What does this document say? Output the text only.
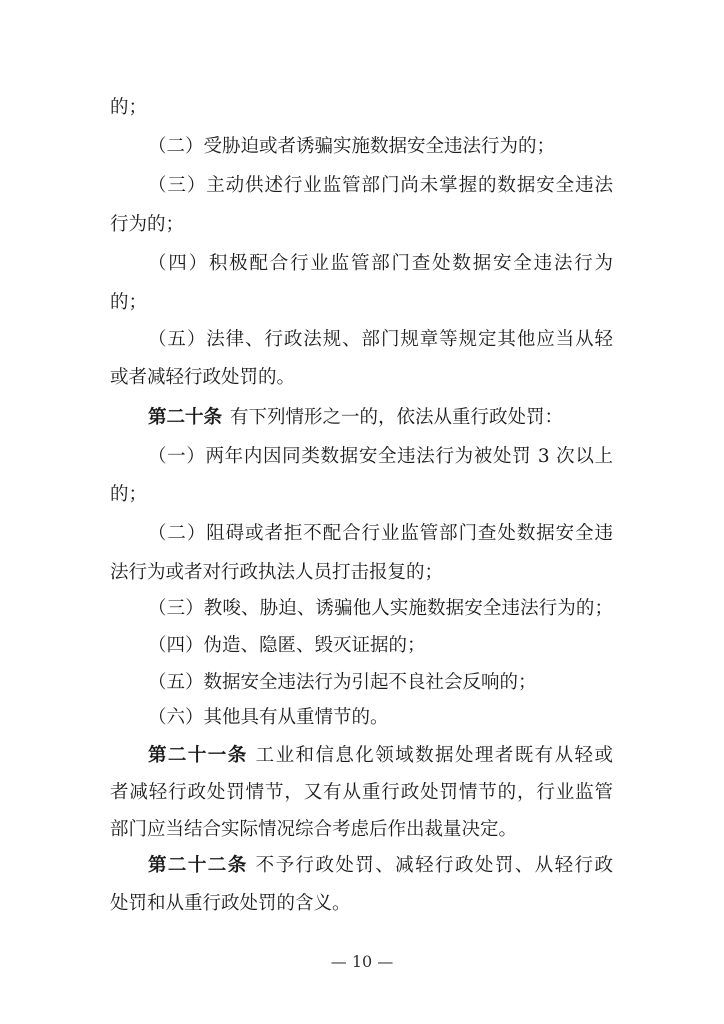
的；
（二）受胁迫或者诱骗实施数据安全违法行为的；
（三）主动供述行业监管部门尚未掌握的数据安全违法
行为的；
（四）积极配合行业监管部门查处数据安全违法行为
的；
（五）法律、行政法规、部门规章等规定其他应当从轻
或者减轻行政处罚的。
第二十条 有下列情形之一的，依法从重行政处罚：
（一）两年内因同类数据安全违法行为被处罚 3 次以上
的；
（二）阻碍或者拒不配合行业监管部门查处数据安全违
法行为或者对行政执法人员打击报复的；
（三）教唆、胁迫、诱骗他人实施数据安全违法行为的；
（四）伪造、隐匿、毁灭证据的；
（五）数据安全违法行为引起不良社会反响的；
（六）其他具有从重情节的。
第二十一条 工业和信息化领域数据处理者既有从轻或
者减轻行政处罚情节，又有从重行政处罚情节的，行业监管
部门应当结合实际情况综合考虑后作出裁量决定。
第二十二条 不予行政处罚、减轻行政处罚、从轻行政
处罚和从重行政处罚的含义。
— 10 —
